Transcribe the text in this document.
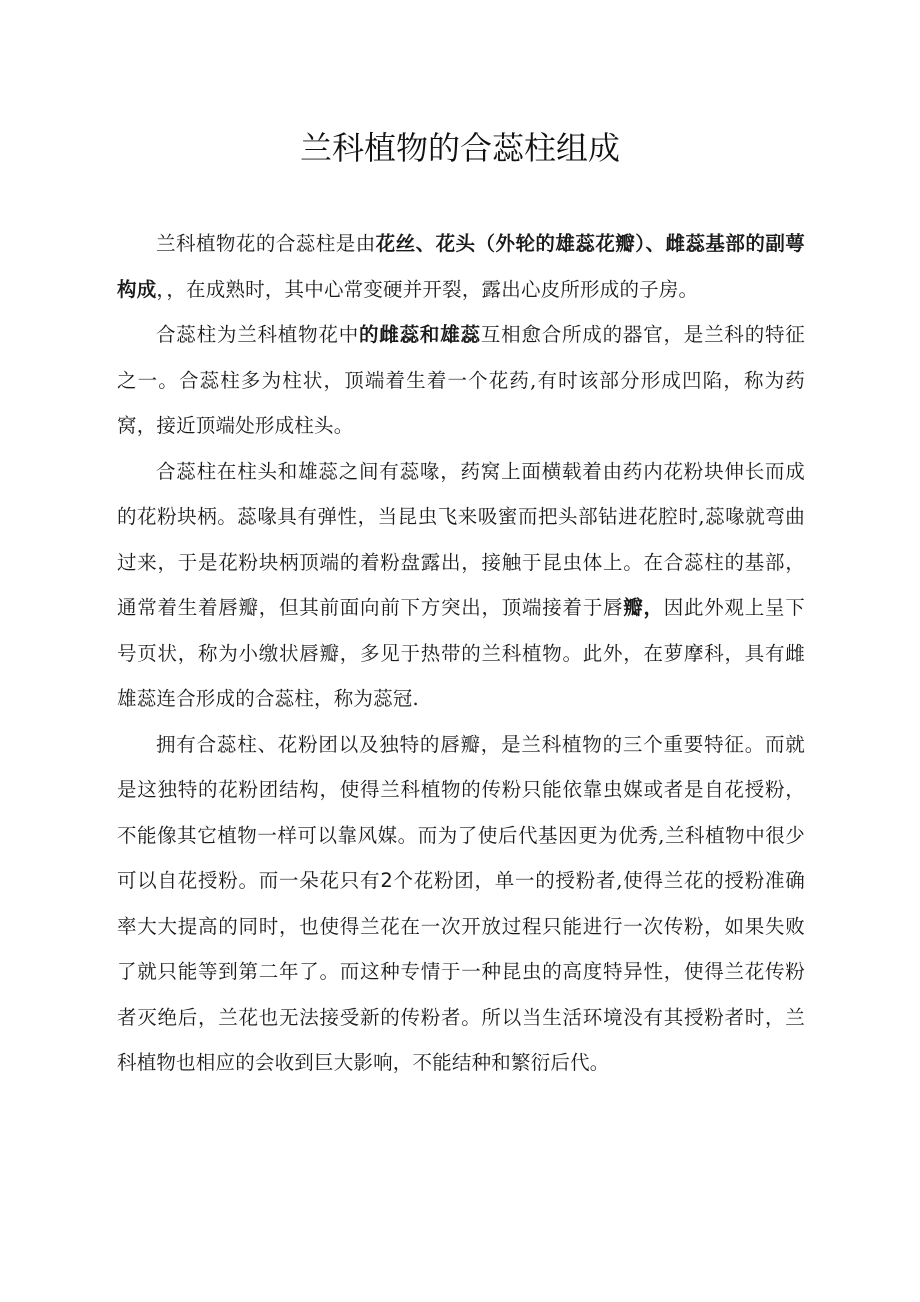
兰科植物的合蕊柱组成

兰科植物花的合蕊柱是由花丝、花头（外轮的雄蕊花瓣）、雌蕊基部的副萼构成，，在成熟时，其中心常变硬并开裂，露出心皮所形成的子房。

合蕊柱为兰科植物花中的雌蕊和雄蕊互相愈合所成的器官，是兰科的特征之一。合蕊柱多为柱状，顶端着生着一个花药,有时该部分形成凹陷，称为药窝，接近顶端处形成柱头。

合蕊柱在柱头和雄蕊之间有蕊喙，药窝上面横载着由药内花粉块伸长而成的花粉块柄。蕊喙具有弹性，当昆虫飞来吸蜜而把头部钻进花腔时,蕊喙就弯曲过来，于是花粉块柄顶端的着粉盘露出，接触于昆虫体上。在合蕊柱的基部，通常着生着唇瓣，但其前面向前下方突出，顶端接着于唇瓣，因此外观上呈下号页状，称为小缴状唇瓣，多见于热带的兰科植物。此外，在萝摩科，具有雌雄蕊连合形成的合蕊柱，称为蕊冠.

拥有合蕊柱、花粉团以及独特的唇瓣，是兰科植物的三个重要特征。而就是这独特的花粉团结构，使得兰科植物的传粉只能依靠虫媒或者是自花授粉，不能像其它植物一样可以靠风媒。而为了使后代基因更为优秀,兰科植物中很少可以自花授粉。而一朵花只有2个花粉团，单一的授粉者,使得兰花的授粉准确率大大提高的同时，也使得兰花在一次开放过程只能进行一次传粉，如果失败了就只能等到第二年了。而这种专情于一种昆虫的高度特异性，使得兰花传粉者灭绝后，兰花也无法接受新的传粉者。所以当生活环境没有其授粉者时，兰科植物也相应的会收到巨大影响，不能结种和繁衍后代。
